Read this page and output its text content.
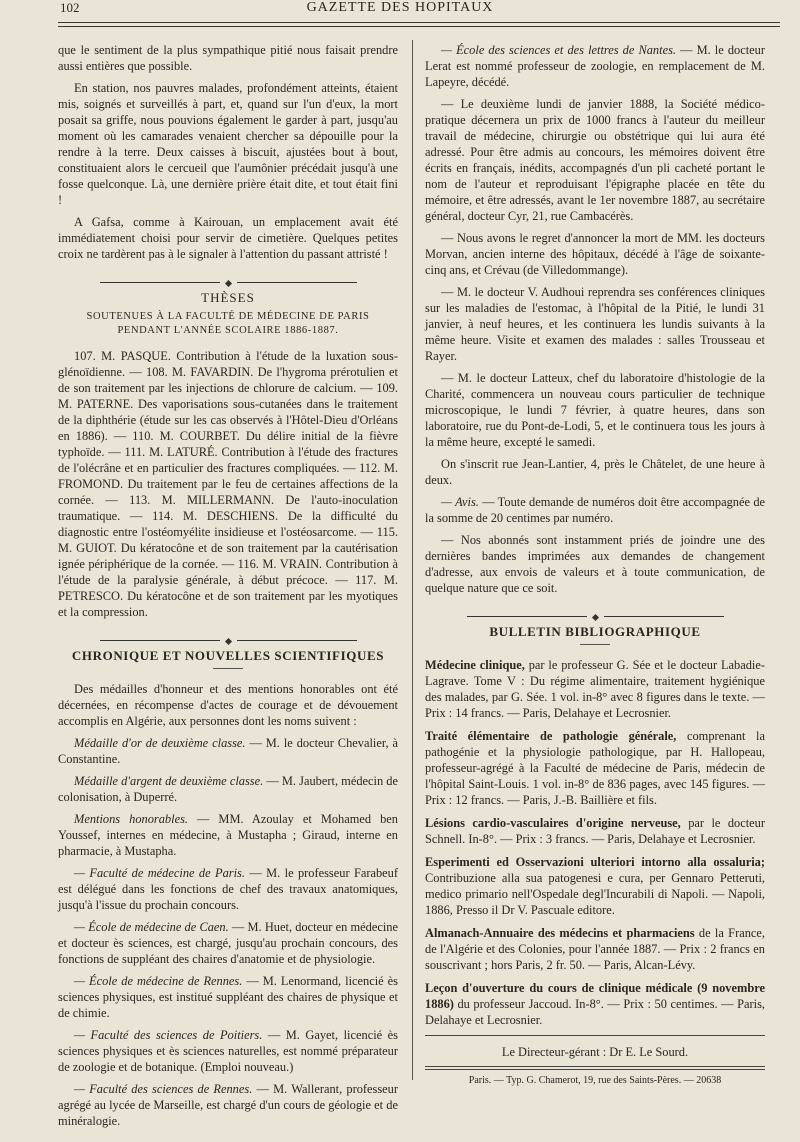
102	GAZETTE DES HOPITAUX

que le sentiment de la plus sympathique pitié nous faisait prendre aussi entières que possible.

En station, nos pauvres malades, profondément atteints, étaient mis, soignés et surveillés à part, et, quand sur l'un d'eux, la mort posait sa griffe, nous pouvions également le garder à part, jusqu'au moment où les camarades venaient chercher sa dépouille pour la rendre à la terre. Deux caisses à biscuit, ajustées bout à bout, constituaient alors le cercueil que l'aumônier précédait jusqu'à une fosse quelconque. Là, une dernière prière était dite, et tout était fini !

A Gafsa, comme à Kairouan, un emplacement avait été immédiatement choisi pour servir de cimetière. Quelques petites croix ne tardèrent pas à le signaler à l'attention du passant attristé !

THÈSES
SOUTENUES À LA FACULTÉ DE MÉDECINE DE PARIS
PENDANT L'ANNÉE SCOLAIRE 1886-1887.

107. M. PASQUE. Contribution à l'étude de la luxation sous-glénoïdienne. — 108. M. FAVARDIN. De l'hygroma prérotulien et de son traitement par les injections de chlorure de calcium. — 109. M. PATERNE. Des vaporisations sous-cutanées dans le traitement de la diphthérie (étude sur les cas observés à l'Hôtel-Dieu d'Orléans en 1886). — 110. M. COURBET. Du délire initial de la fièvre typhoïde. — 111. M. LATURÉ. Contribution à l'étude des fractures de l'olécrâne et en particulier des fractures compliquées. — 112. M. FROMOND. Du traitement par le feu de certaines affections de la cornée. — 113. M. MILLERMANN. De l'auto-inoculation traumatique. — 114. M. DESCHIENS. De la difficulté du diagnostic entre l'ostéomyélite insidieuse et l'ostéosarcome. — 115. M. GUIOT. Du kératocône et de son traitement par la cautérisation ignée périphérique de la cornée. — 116. M. VRAIN. Contribution à l'étude de la paralysie générale, à début précoce. — 117. M. PETRESCO. Du kératocône et de son traitement par les myotiques et la compression.

CHRONIQUE ET NOUVELLES SCIENTIFIQUES

Des médailles d'honneur et des mentions honorables ont été décernées, en récompense d'actes de courage et de dévouement accomplis en Algérie, aux personnes dont les noms suivent :

Médaille d'or de deuxième classe. — M. le docteur Chevalier, à Constantine.

Médaille d'argent de deuxième classe. — M. Jaubert, médecin de colonisation, à Duperré.

Mentions honorables. — MM. Azoulay et Mohamed ben Youssef, internes en médecine, à Mustapha ; Giraud, interne en pharmacie, à Mustapha.

— Faculté de médecine de Paris. — M. le professeur Farabeuf est délégué dans les fonctions de chef des travaux anatomiques, jusqu'à l'issue du prochain concours.

— École de médecine de Caen. — M. Huet, docteur en médecine et docteur ès sciences, est chargé, jusqu'au prochain concours, des fonctions de suppléant des chaires d'anatomie et de physiologie.

— École de médecine de Rennes. — M. Lenormand, licencié ès sciences physiques, est institué suppléant des chaires de physique et de chimie.

— Faculté des sciences de Poitiers. — M. Gayet, licencié ès sciences physiques et ès sciences naturelles, est nommé préparateur de zoologie et de botanique. (Emploi nouveau.)

— Faculté des sciences de Rennes. — M. Wallerant, professeur agrégé au lycée de Marseille, est chargé d'un cours de géologie et de minéralogie.

— École des sciences et des lettres de Nantes. — M. le docteur Lerat est nommé professeur de zoologie, en remplacement de M. Lapeyre, décédé.

— Le deuxième lundi de janvier 1888, la Société médico-pratique décernera un prix de 1000 francs à l'auteur du meilleur travail de médecine, chirurgie ou obstétrique qui lui aura été adressé. Pour être admis au concours, les mémoires doivent être écrits en français, inédits, accompagnés d'un pli cacheté portant le nom de l'auteur et reproduisant l'épigraphe placée en tête du mémoire, et être adressés, avant le 1er novembre 1887, au secrétaire général, docteur Cyr, 21, rue Cambacérès.

— Nous avons le regret d'annoncer la mort de MM. les docteurs Morvan, ancien interne des hôpitaux, décédé à l'âge de soixante-cinq ans, et Crévau (de Villedommange).

— M. le docteur V. Audhoui reprendra ses conférences cliniques sur les maladies de l'estomac, à l'hôpital de la Pitié, le lundi 31 janvier, à neuf heures, et les continuera les lundis suivants à la même heure. Visite et examen des malades : salles Trousseau et Rayer.

— M. le docteur Latteux, chef du laboratoire d'histologie de la Charité, commencera un nouveau cours particulier de technique microscopique, le lundi 7 février, à quatre heures, dans son laboratoire, rue du Pont-de-Lodi, 5, et le continuera tous les jours à la même heure, excepté le samedi.

On s'inscrit rue Jean-Lantier, 4, près le Châtelet, de une heure à deux.

— Avis. — Toute demande de numéros doit être accompagnée de la somme de 20 centimes par numéro.

— Nos abonnés sont instamment priés de joindre une des dernières bandes imprimées aux demandes de changement d'adresse, aux envois de valeurs et à toute communication, de quelque nature que ce soit.

BULLETIN BIBLIOGRAPHIQUE

Médecine clinique, par le professeur G. Sée et le docteur Labadie-Lagrave. Tome V : Du régime alimentaire, traitement hygiénique des malades, par G. Sée. 1 vol. in-8° avec 8 figures dans le texte. — Prix : 14 francs. — Paris, Delahaye et Lecrosnier.

Traité élémentaire de pathologie générale, comprenant la pathogénie et la physiologie pathologique, par H. Hallopeau, professeur-agrégé à la Faculté de médecine de Paris, médecin de l'hôpital Saint-Louis. 1 vol. in-8° de 836 pages, avec 145 figures. — Prix : 12 francs. — Paris, J.-B. Baillière et fils.

Lésions cardio-vasculaires d'origine nerveuse, par le docteur Schnell. In-8°. — Prix : 3 francs. — Paris, Delahaye et Lecrosnier.

Esperimenti ed Osservazioni ulteriori intorno alla ossaluria; Contribuzione alla sua patogenesi e cura, per Gennaro Petteruti, medico primario nell'Ospedale degl'Incurabili di Napoli. — Napoli, 1886, Presso il Dr V. Pascuale editore.

Almanach-Annuaire des médecins et pharmaciens de la France, de l'Algérie et des Colonies, pour l'année 1887. — Prix : 2 francs en souscrivant ; hors Paris, 2 fr. 50. — Paris, Alcan-Lévy.

Leçon d'ouverture du cours de clinique médicale (9 novembre 1886) du professeur Jaccoud. In-8°. — Prix : 50 centimes. — Paris, Delahaye et Lecrosnier.

Le Directeur-gérant : Dr E. Le Sourd.
Paris. — Typ. G. Chamerot, 19, rue des Saints-Pères. — 20638
